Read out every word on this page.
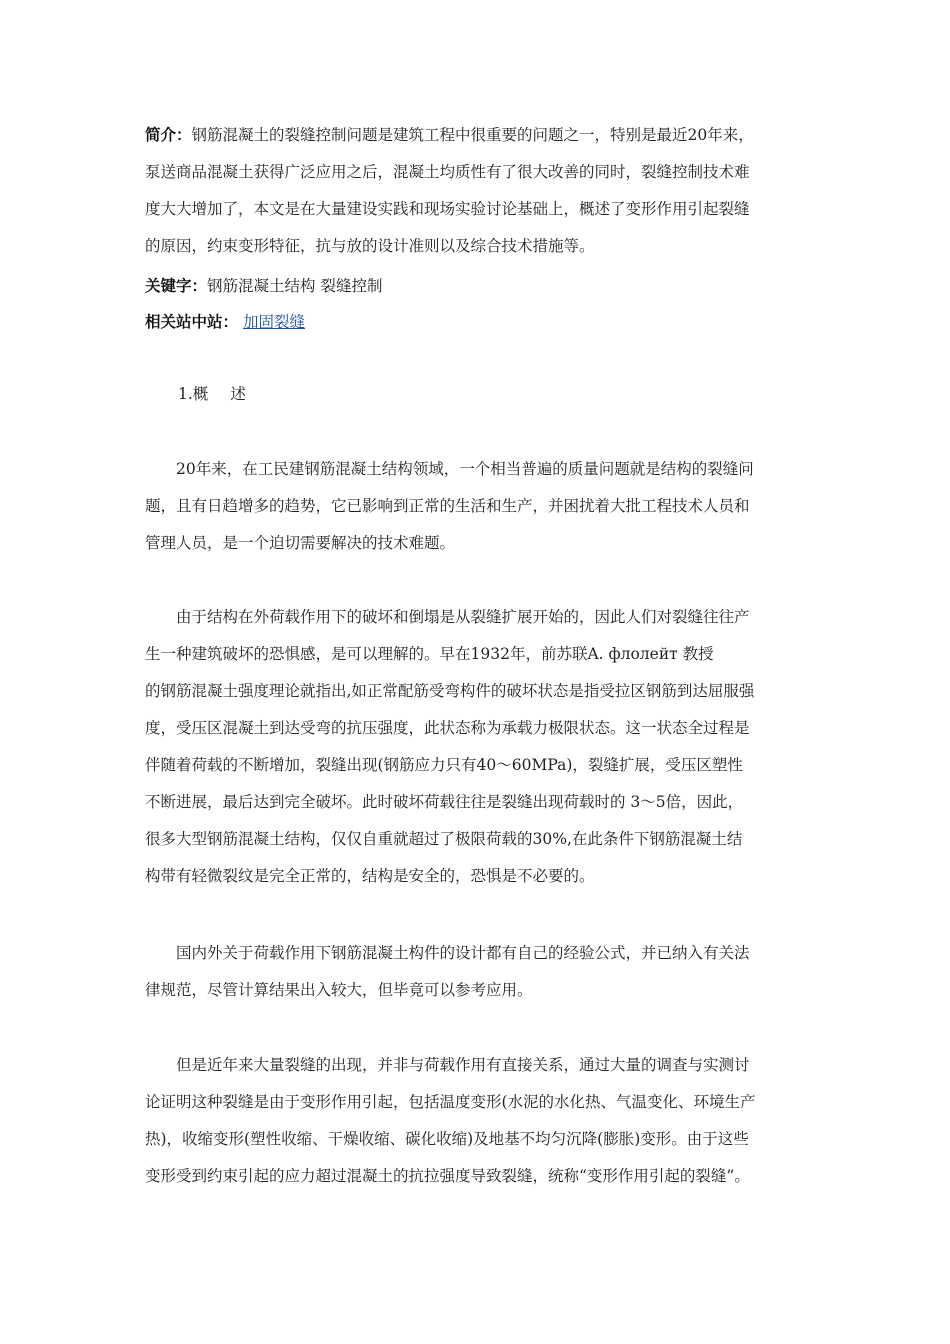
简介：钢筋混凝土的裂缝控制问题是建筑工程中很重要的问题之一，特别是最近20年来，
泵送商品混凝土获得广泛应用之后，混凝土均质性有了很大改善的同时，裂缝控制技术难
度大大增加了，本文是在大量建设实践和现场实验讨论基础上，概述了变形作用引起裂缝
的原因，约束变形特征，抗与放的设计准则以及综合技术措施等。

关键字：钢筋混凝土结构 裂缝控制

相关站中站： 加固裂缝

1.概 述

20年来，在工民建钢筋混凝土结构领域，一个相当普遍的质量问题就是结构的裂缝问
题，且有日趋增多的趋势，它已影响到正常的生活和生产，并困扰着大批工程技术人员和
管理人员，是一个迫切需要解决的技术难题。

由于结构在外荷载作用下的破坏和倒塌是从裂缝扩展开始的，因此人们对裂缝往往产
生一种建筑破坏的恐惧感，是可以理解的。早在1932年，前苏联A. флолейт 教授
的钢筋混凝土强度理论就指出,如正常配筋受弯构件的破坏状态是指受拉区钢筋到达屈服强
度，受压区混凝土到达受弯的抗压强度，此状态称为承载力极限状态。这一状态全过程是
伴随着荷载的不断增加，裂缝出现(钢筋应力只有40～60MPa)，裂缝扩展，受压区塑性
不断进展，最后达到完全破坏。此时破坏荷载往往是裂缝出现荷载时的 3～5倍，因此，
很多大型钢筋混凝土结构，仅仅自重就超过了极限荷载的30%,在此条件下钢筋混凝土结
构带有轻微裂纹是完全正常的，结构是安全的，恐惧是不必要的。

国内外关于荷载作用下钢筋混凝土构件的设计都有自己的经验公式，并已纳入有关法
律规范，尽管计算结果出入较大，但毕竟可以参考应用。

但是近年来大量裂缝的出现，并非与荷载作用有直接关系，通过大量的调查与实测讨
论证明这种裂缝是由于变形作用引起，包括温度变形(水泥的水化热、气温变化、环境生产
热)，收缩变形(塑性收缩、干燥收缩、碳化收缩)及地基不均匀沉降(膨胀)变形。由于这些
变形受到约束引起的应力超过混凝土的抗拉强度导致裂缝，统称“变形作用引起的裂缝”。
